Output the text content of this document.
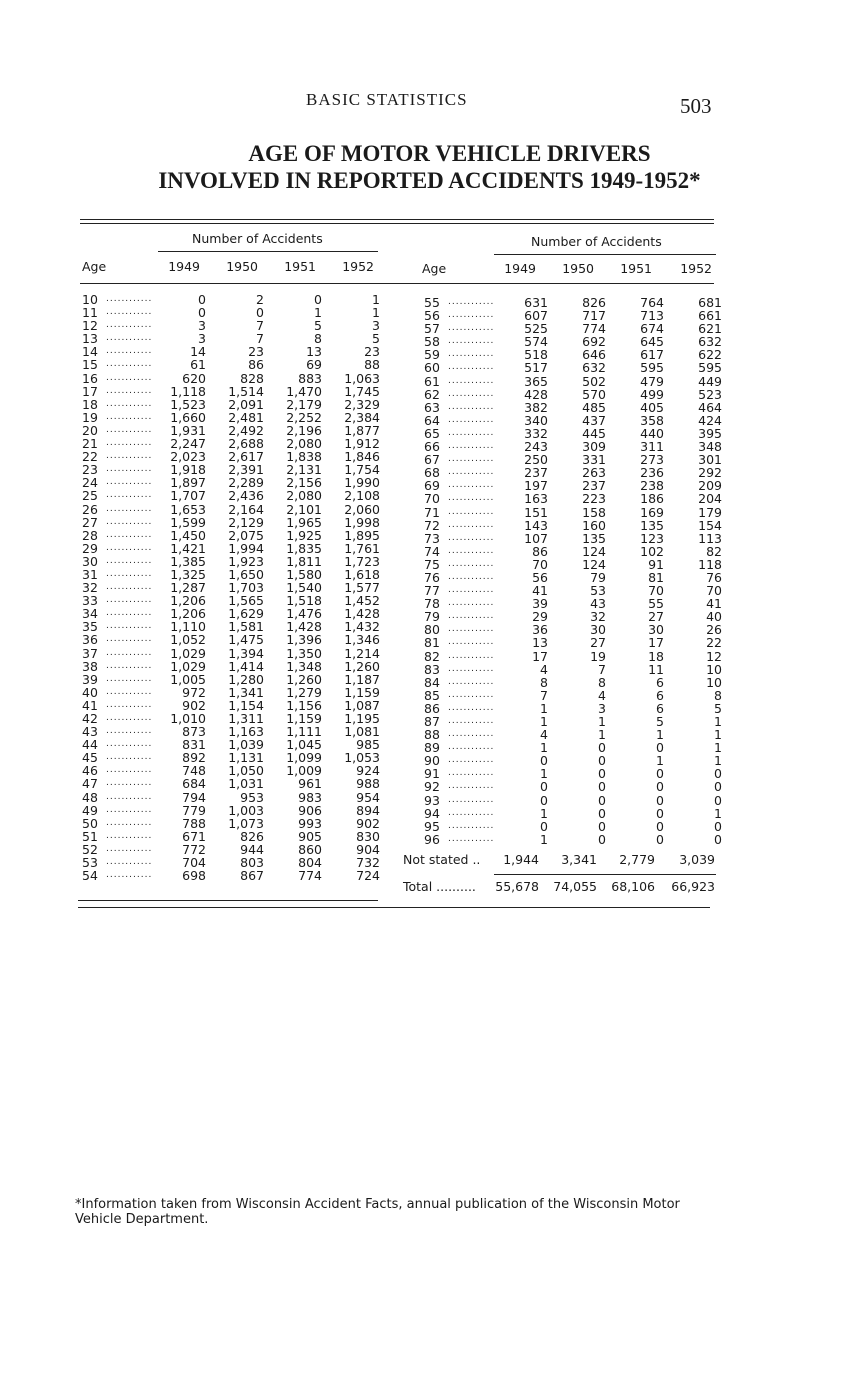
BASIC STATISTICS	503
AGE OF MOTOR VEHICLE DRIVERS
INVOLVED IN REPORTED ACCIDENTS 1949-1952*
Number of Accidents
Age	1949	1950	1951	1952
Number of Accidents
Age	1949	1950	1951	1952
10 ............	0	2	0	1
11 ............	0	0	1	1
12 ............	3	7	5	3
13 ............	3	7	8	5
14 ............	14	23	13	23
15 ............	61	86	69	88
16 ............	620	828	883	1,063
17 ............	1,118	1,514	1,470	1,745
18 ............	1,523	2,091	2,179	2,329
19 ............	1,660	2,481	2,252	2,384
20 ............	1,931	2,492	2,196	1,877
21 ............	2,247	2,688	2,080	1,912
22 ............	2,023	2,617	1,838	1,846
23 ............	1,918	2,391	2,131	1,754
24 ............	1,897	2,289	2,156	1,990
25 ............	1,707	2,436	2,080	2,108
26 ............	1,653	2,164	2,101	2,060
27 ............	1,599	2,129	1,965	1,998
28 ............	1,450	2,075	1,925	1,895
29 ............	1,421	1,994	1,835	1,761
30 ............	1,385	1,923	1,811	1,723
31 ............	1,325	1,650	1,580	1,618
32 ............	1,287	1,703	1,540	1,577
33 ............	1,206	1,565	1,518	1,452
34 ............	1,206	1,629	1,476	1,428
35 ............	1,110	1,581	1,428	1,432
36 ............	1,052	1,475	1,396	1,346
37 ............	1,029	1,394	1,350	1,214
38 ............	1,029	1,414	1,348	1,260
39 ............	1,005	1,280	1,260	1,187
40 ............	972	1,341	1,279	1,159
41 ............	902	1,154	1,156	1,087
42 ............	1,010	1,311	1,159	1,195
43 ............	873	1,163	1,111	1,081
44 ............	831	1,039	1,045	985
45 ............	892	1,131	1,099	1,053
46 ............	748	1,050	1,009	924
47 ............	684	1,031	961	988
48 ............	794	953	983	954
49 ............	779	1,003	906	894
50 ............	788	1,073	993	902
51 ............	671	826	905	830
52 ............	772	944	860	904
53 ............	704	803	804	732
54 ............	698	867	774	724
55 ............	631	826	764	681
56 ............	607	717	713	661
57 ............	525	774	674	621
58 ............	574	692	645	632
59 ............	518	646	617	622
60 ............	517	632	595	595
61 ............	365	502	479	449
62 ............	428	570	499	523
63 ............	382	485	405	464
64 ............	340	437	358	424
65 ............	332	445	440	395
66 ............	243	309	311	348
67 ............	250	331	273	301
68 ............	237	263	236	292
69 ............	197	237	238	209
70 ............	163	223	186	204
71 ............	151	158	169	179
72 ............	143	160	135	154
73 ............	107	135	123	113
74 ............	86	124	102	82
75 ............	70	124	91	118
76 ............	56	79	81	76
77 ............	41	53	70	70
78 ............	39	43	55	41
79 ............	29	32	27	40
80 ............	36	30	30	26
81 ............	13	27	17	22
82 ............	17	19	18	12
83 ............	4	7	11	10
84 ............	8	8	6	10
85 ............	7	4	6	8
86 ............	1	3	6	5
87 ............	1	1	5	1
88 ............	4	1	1	1
89 ............	1	0	0	1
90 ............	0	0	1	1
91 ............	1	0	0	0
92 ............	0	0	0	0
93 ............	0	0	0	0
94 ............	1	0	0	1
95 ............	0	0	0	0
96 ............	1	0	0	0
Not stated ..	1,944	3,341	2,779	3,039
Total ..........	55,678	74,055	68,106	66,923
*Information taken from Wisconsin Accident Facts, annual publication of the Wisconsin Motor Vehicle Department.
